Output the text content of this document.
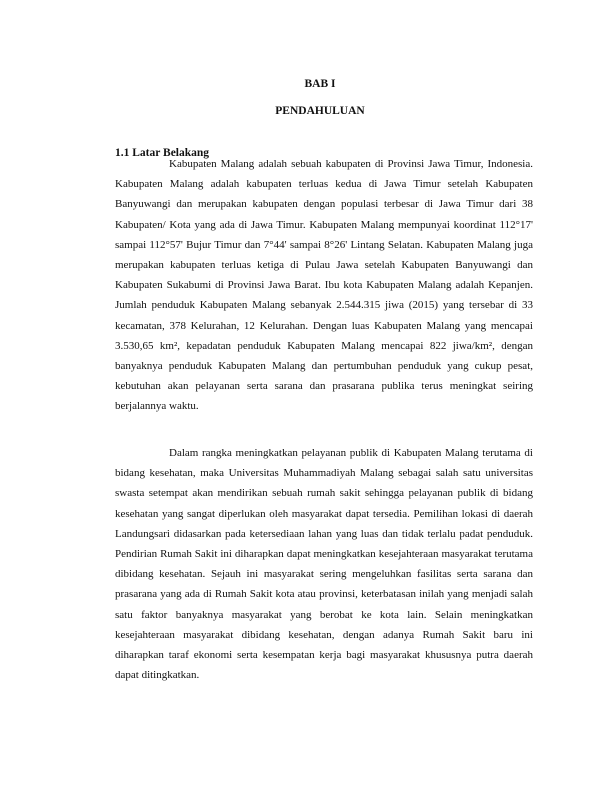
BAB I
PENDAHULUAN
1.1 Latar Belakang

Kabupaten Malang adalah sebuah kabupaten di Provinsi Jawa Timur, Indonesia. Kabupaten Malang adalah kabupaten terluas kedua di Jawa Timur setelah Kabupaten Banyuwangi dan merupakan kabupaten dengan populasi terbesar di Jawa Timur dari 38 Kabupaten/ Kota yang ada di Jawa Timur. Kabupaten Malang mempunyai koordinat 112°17' sampai 112°57' Bujur Timur dan 7°44' sampai 8°26' Lintang Selatan. Kabupaten Malang juga merupakan kabupaten terluas ketiga di Pulau Jawa setelah Kabupaten Banyuwangi dan Kabupaten Sukabumi di Provinsi Jawa Barat. Ibu kota Kabupaten Malang adalah Kepanjen. Jumlah penduduk Kabupaten Malang sebanyak 2.544.315 jiwa (2015) yang tersebar di 33 kecamatan, 378 Kelurahan, 12 Kelurahan. Dengan luas Kabupaten Malang yang mencapai 3.530,65 km², kepadatan penduduk Kabupaten Malang mencapai 822 jiwa/km², dengan banyaknya penduduk Kabupaten Malang dan pertumbuhan penduduk yang cukup pesat, kebutuhan akan pelayanan serta sarana dan prasarana publika terus meningkat seiring berjalannya waktu.

Dalam rangka meningkatkan pelayanan publik di Kabupaten Malang terutama di bidang kesehatan, maka Universitas Muhammadiyah Malang sebagai salah satu universitas swasta setempat akan mendirikan sebuah rumah sakit sehingga pelayanan publik di bidang kesehatan yang sangat diperlukan oleh masyarakat dapat tersedia. Pemilihan lokasi di daerah Landungsari didasarkan pada ketersediaan lahan yang luas dan tidak terlalu padat penduduk. Pendirian Rumah Sakit ini diharapkan dapat meningkatkan kesejahteraan masyarakat terutama dibidang kesehatan. Sejauh ini masyarakat sering mengeluhkan fasilitas serta sarana dan prasarana yang ada di Rumah Sakit kota atau provinsi, keterbatasan inilah yang menjadi salah satu faktor banyaknya masyarakat yang berobat ke kota lain. Selain meningkatkan kesejahteraan masyarakat dibidang kesehatan, dengan adanya Rumah Sakit baru ini diharapkan taraf ekonomi serta kesempatan kerja bagi masyarakat khususnya putra daerah dapat ditingkatkan.
